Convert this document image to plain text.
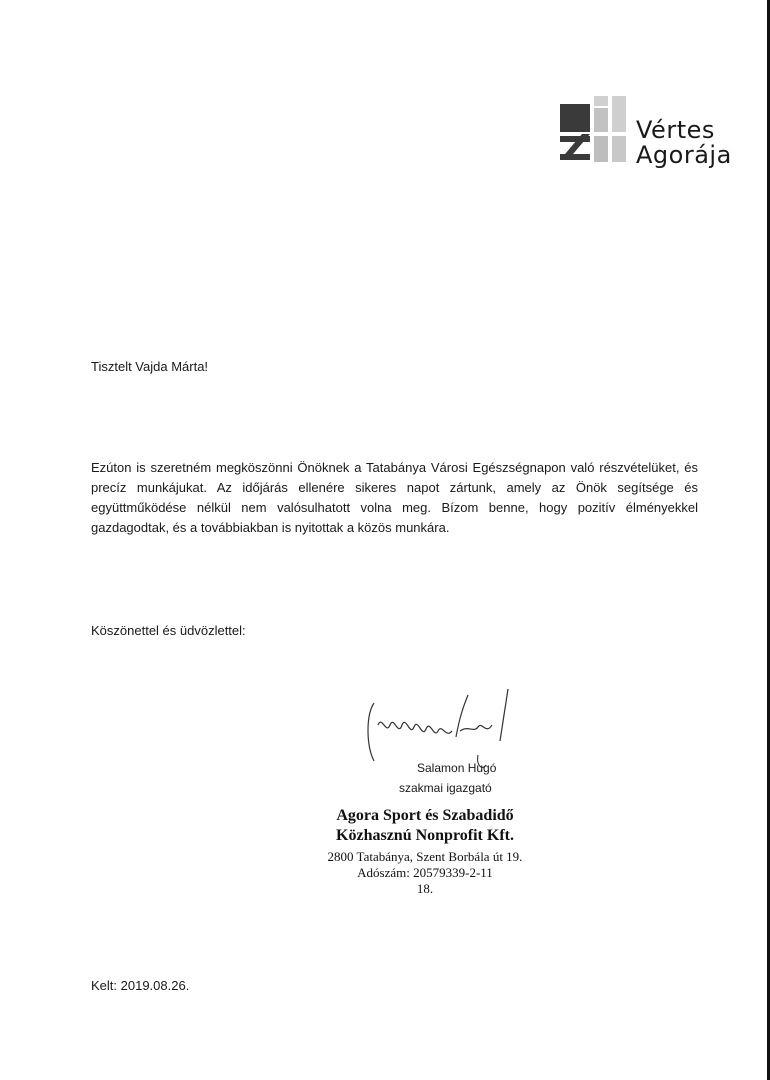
Vértes
Agorája
Tisztelt Vajda Márta!
Ezúton is szeretném megköszönni Önöknek a Tatabánya Városi Egészségnapon való részvételüket, és precíz munkájukat. Az időjárás ellenére sikeres napot zártunk, amely az Önök segítsége és együttműködése nélkül nem valósulhatott volna meg. Bízom benne, hogy pozitív élményekkel gazdagodtak, és a továbbiakban is nyitottak a közös munkára.
Köszönettel és üdvözlettel:
Salamon Hugó
szakmai igazgató
Agora Sport és Szabadidő
Közhasznú Nonprofit Kft.
2800 Tatabánya, Szent Borbála út 19.
Adószám: 20579339-2-11
18.
Kelt: 2019.08.26.
